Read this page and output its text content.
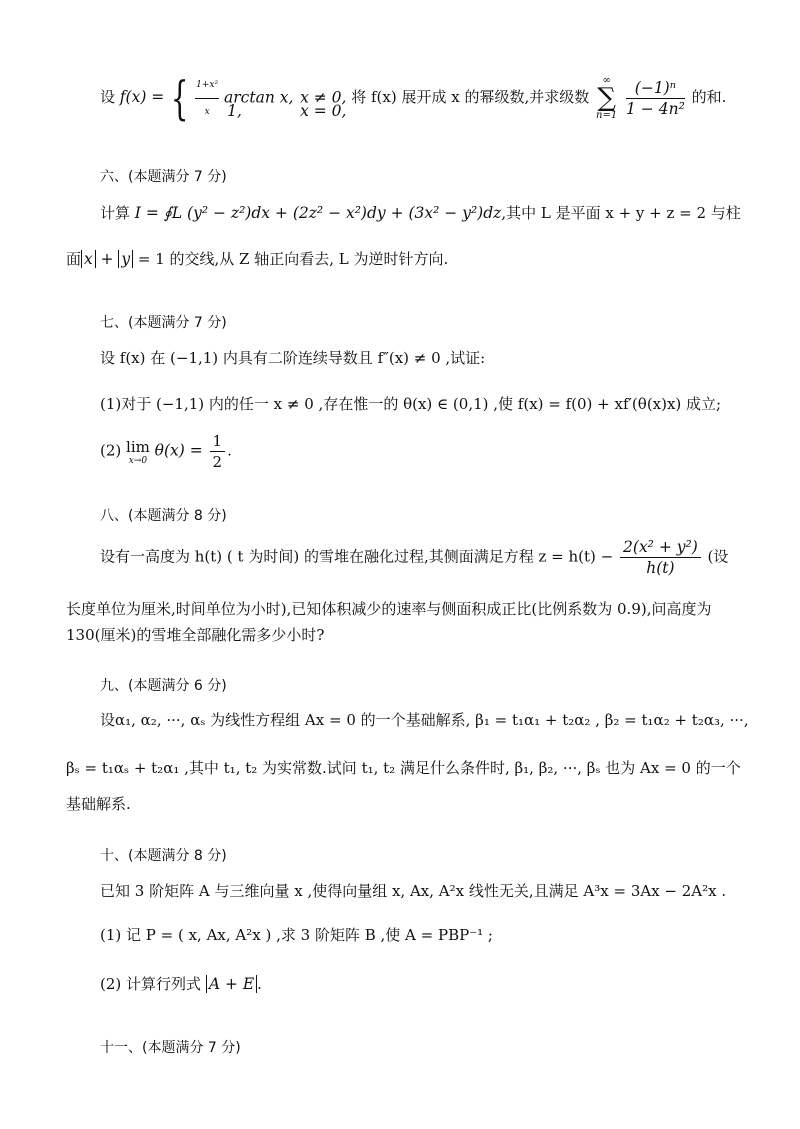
设 f(x) = { $\frac{\text{1+x²}}{x}$ arctan x, x ≠ 0,
1,	x = 0,
将 f(x) 展开成 x 的幂级数,并求级数
∞
∑
n=1
$\frac{\text{(−1)ⁿ}}{\text{1 − 4n²}}$ 的和.
六、(本题满分 7 分)
计算 I = ∮L (y² − z²)dx + (2z² − x²)dy + (3x² − y²)dz,其中 L 是平面 x + y + z = 2 与柱
面 x + y = 1 的交线,从 Z 轴正向看去, L 为逆时针方向.
七、(本题满分 7 分)
设 f(x) 在 (−1,1) 内具有二阶连续导数且 f″(x) ≠ 0 ,试证:
(1)对于 (−1,1) 内的任一 x ≠ 0 ,存在惟一的 θ(x) ∈ (0,1) ,使 f(x) = f(0) + xf′(θ(x)x) 成立;
(2) lim
x→0
$\theta(x) = \frac{1}{2}$ .
八、(本题满分 8 分)
设有一高度为 h(t) ( t 为时间) 的雪堆在融化过程,其侧面满足方程 $z = h(t) - \frac{\text{2(x² + y²)}}{h(t)}$ (设
长度单位为厘米,时间单位为小时),已知体积减少的速率与侧面积成正比(比例系数为 0.9),问高度为
130(厘米)的雪堆全部融化需多少小时?
九、(本题满分 6 分)
设α₁, α₂, ···, αₛ 为线性方程组 Ax = 0 的一个基础解系, β₁ = t₁α₁ + t₂α₂ , β₂ = t₁α₂ + t₂α₃, ···,
βₛ = t₁αₛ + t₂α₁ ,其中 t₁, t₂ 为实常数.试问 t₁, t₂ 满足什么条件时, β₁, β₂, ···, βₛ 也为 Ax = 0 的一个
基础解系.
十、(本题满分 8 分)
已知 3 阶矩阵 A 与三维向量 x ,使得向量组 x, Ax, A²x 线性无关,且满足 A³x = 3Ax − 2A²x .
(1) 记 P = ( x, Ax, A²x ) ,求 3 阶矩阵 B ,使 A = PBP⁻¹ ;
(2) 计算行列式 A + E .
十一、(本题满分 7 分)
